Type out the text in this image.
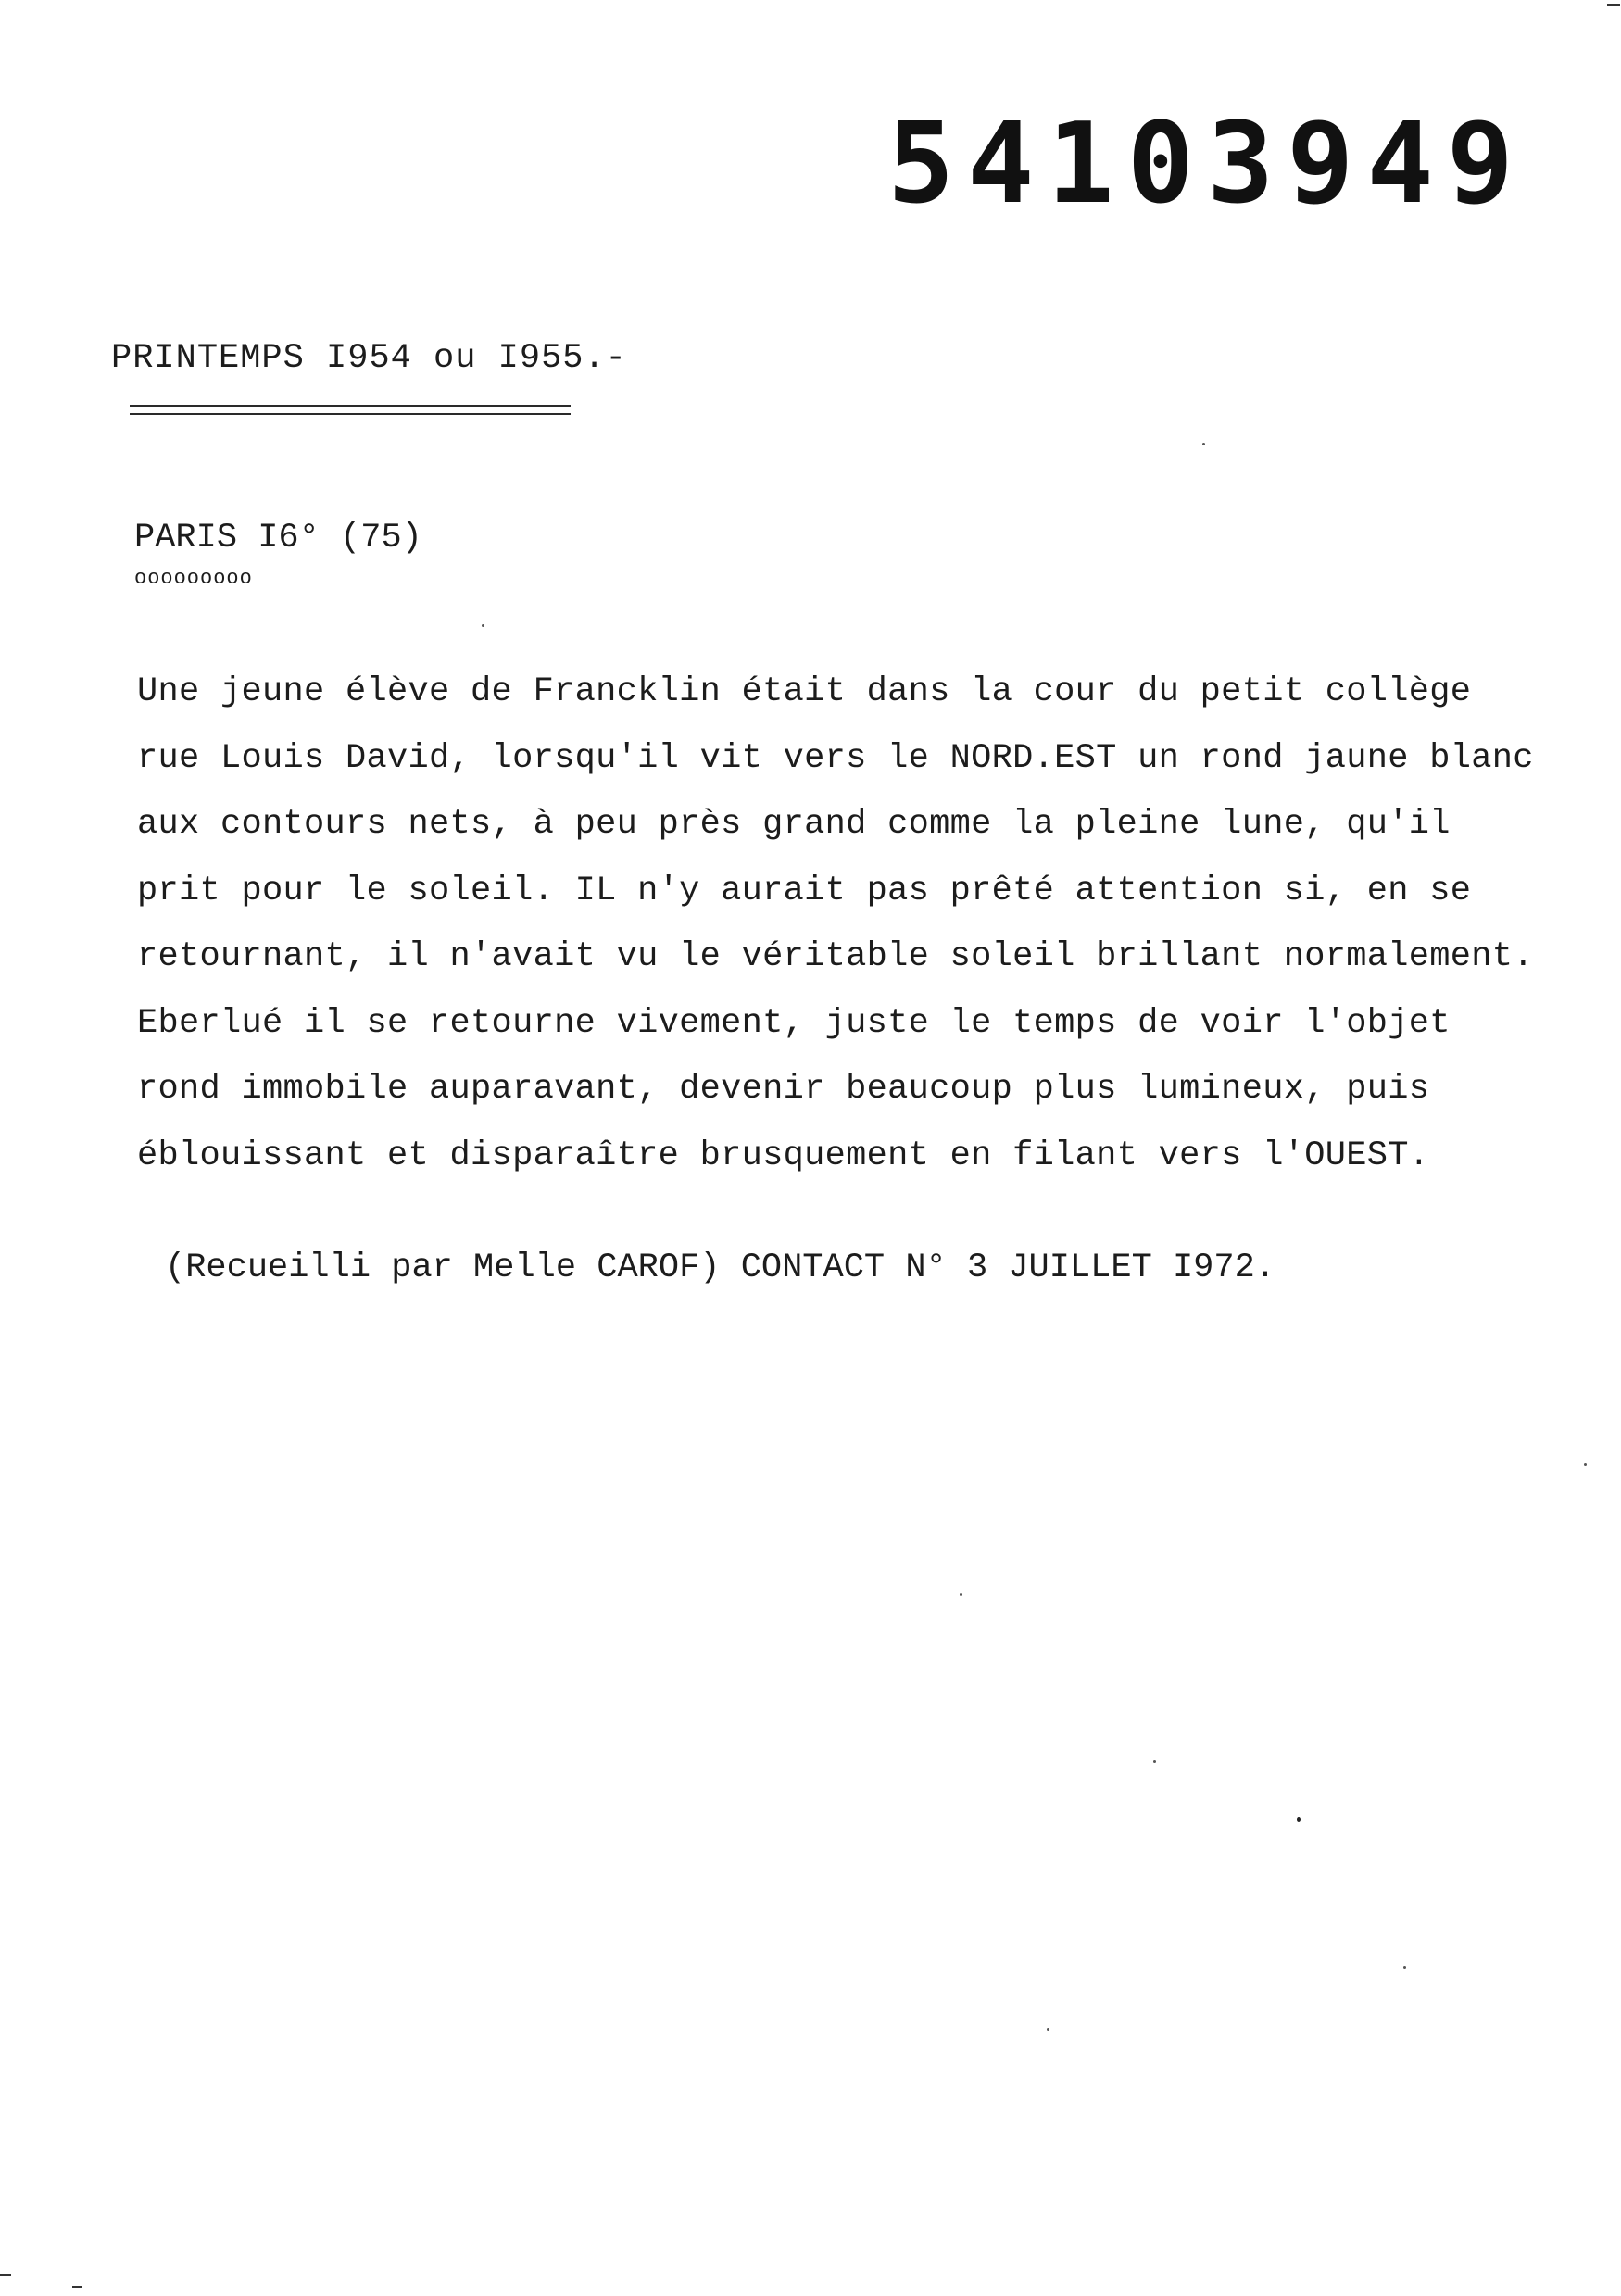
54103949
PRINTEMPS I954 ou I955.-
PARIS I6° (75)
ooooooooo
Une jeune élève de Francklin était dans la cour du petit collège
rue Louis David, lorsqu'il vit vers le NORD.EST un rond jaune blanc
aux contours nets, à peu près grand comme la pleine lune, qu'il
prit pour le soleil. IL n'y aurait pas prêté attention si, en se
retournant, il n'avait vu le véritable soleil brillant normalement.
Eberlué il se retourne vivement, juste le temps de voir l'objet
rond immobile auparavant, devenir beaucoup plus lumineux, puis
éblouissant et disparaître brusquement en filant vers l'OUEST.
(Recueilli par Melle CAROF) CONTACT N° 3 JUILLET I972.
